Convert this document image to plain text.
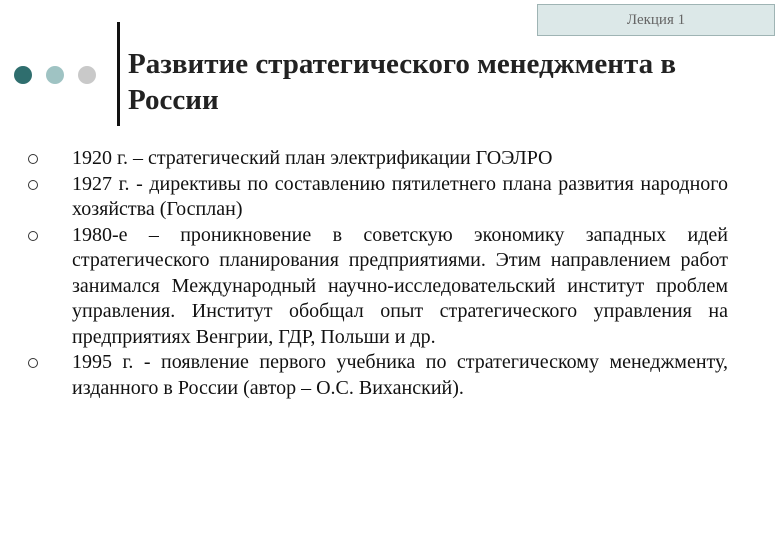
Лекция 1
Развитие стратегического менеджмента в России
1920 г. – стратегический план электрификации ГОЭЛРО
1927 г. - директивы по составлению пятилетнего плана развития народного хозяйства (Госплан)
1980-е – проникновение в советскую экономику западных идей стратегического планирования предприятиями. Этим направлением работ занимался Международный научно-исследовательский институт проблем управления. Институт обобщал опыт стратегического управления на предприятиях Венгрии, ГДР, Польши и др.
1995 г. - появление первого учебника по стратегическому менеджменту, изданного в России (автор – О.С. Виханский).
